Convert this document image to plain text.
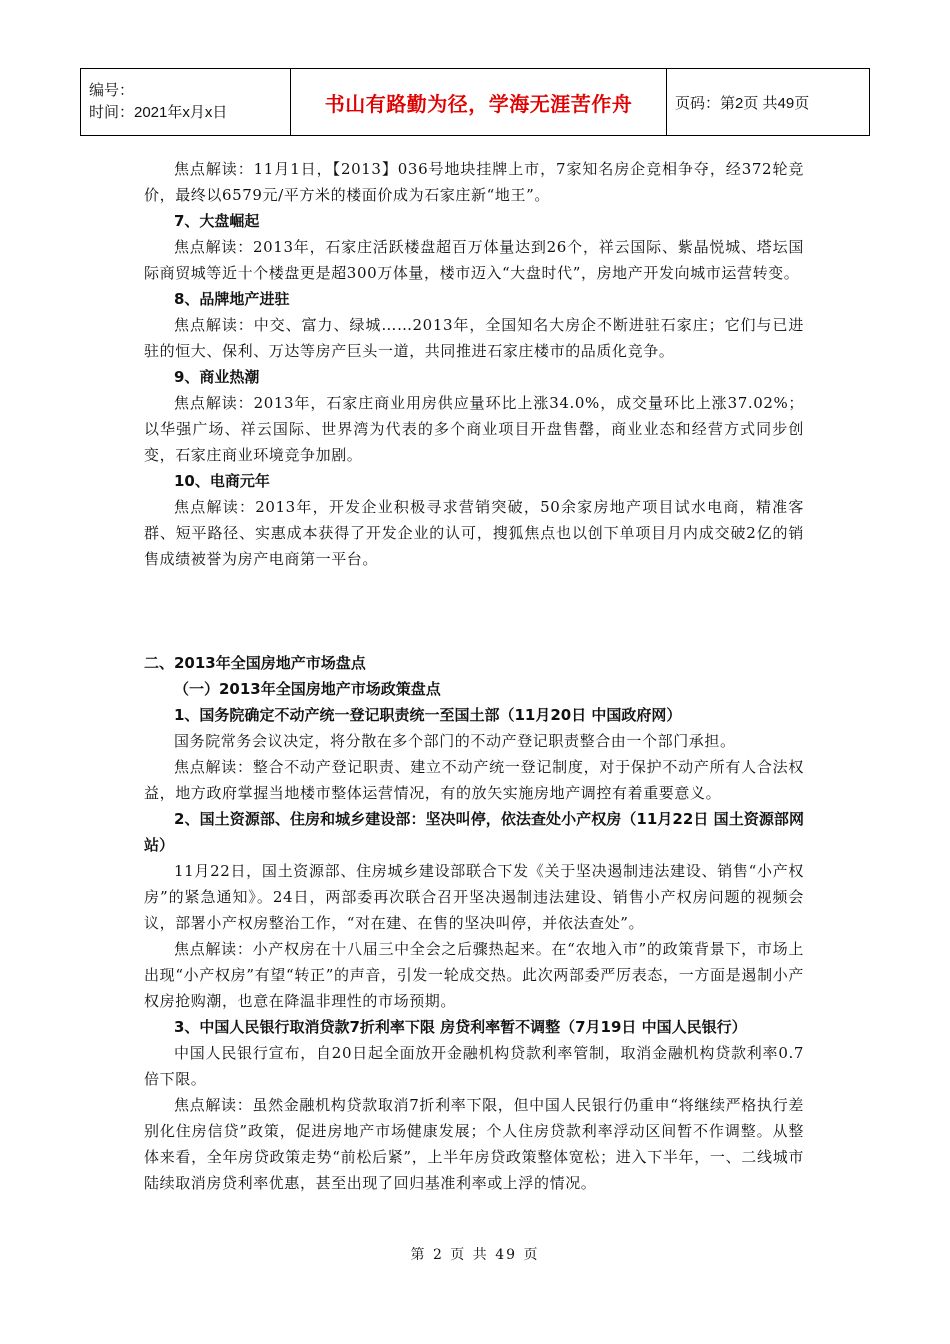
编号：
时间：2021年x月x日	书山有路勤为径，学海无涯苦作舟	页码：第2页 共49页

焦点解读：11月1日，【2013】036号地块挂牌上市，7家知名房企竞相争夺，经372轮竞价，最终以6579元/平方米的楼面价成为石家庄新“地王”。

7、大盘崛起

焦点解读：2013年，石家庄活跃楼盘超百万体量达到26个，祥云国际、紫晶悦城、塔坛国际商贸城等近十个楼盘更是超300万体量，楼市迈入“大盘时代”，房地产开发向城市运营转变。

8、品牌地产进驻

焦点解读：中交、富力、绿城……2013年，全国知名大房企不断进驻石家庄；它们与已进驻的恒大、保利、万达等房产巨头一道，共同推进石家庄楼市的品质化竞争。

9、商业热潮

焦点解读：2013年，石家庄商业用房供应量环比上涨34.0%，成交量环比上涨37.02%；以华强广场、祥云国际、世界湾为代表的多个商业项目开盘售罄，商业业态和经营方式同步创变，石家庄商业环境竞争加剧。

10、电商元年

焦点解读：2013年，开发企业积极寻求营销突破，50余家房地产项目试水电商，精准客群、短平路径、实惠成本获得了开发企业的认可，搜狐焦点也以创下单项目月内成交破2亿的销售成绩被誉为房产电商第一平台。

二、2013年全国房地产市场盘点

（一）2013年全国房地产市场政策盘点

1、国务院确定不动产统一登记职责统一至国土部（11月20日 中国政府网）

国务院常务会议决定，将分散在多个部门的不动产登记职责整合由一个部门承担。

焦点解读：整合不动产登记职责、建立不动产统一登记制度，对于保护不动产所有人合法权益，地方政府掌握当地楼市整体运营情况，有的放矢实施房地产调控有着重要意义。

2、国土资源部、住房和城乡建设部：坚决叫停，依法查处小产权房（11月22日 国土资源部网站）

11月22日，国土资源部、住房城乡建设部联合下发《关于坚决遏制违法建设、销售“小产权房”的紧急通知》。24日，两部委再次联合召开坚决遏制违法建设、销售小产权房问题的视频会议，部署小产权房整治工作，“对在建、在售的坚决叫停，并依法查处”。

焦点解读：小产权房在十八届三中全会之后骤热起来。在“农地入市”的政策背景下，市场上出现“小产权房”有望“转正”的声音，引发一轮成交热。此次两部委严厉表态，一方面是遏制小产权房抢购潮，也意在降温非理性的市场预期。

3、中国人民银行取消贷款7折利率下限 房贷利率暂不调整（7月19日 中国人民银行）

中国人民银行宣布，自20日起全面放开金融机构贷款利率管制，取消金融机构贷款利率0.7倍下限。

焦点解读：虽然金融机构贷款取消7折利率下限，但中国人民银行仍重申“将继续严格执行差别化住房信贷”政策，促进房地产市场健康发展；个人住房贷款利率浮动区间暂不作调整。从整体来看，全年房贷政策走势“前松后紧”，上半年房贷政策整体宽松；进入下半年，一、二线城市陆续取消房贷利率优惠，甚至出现了回归基准利率或上浮的情况。

第 2 页 共 49 页
